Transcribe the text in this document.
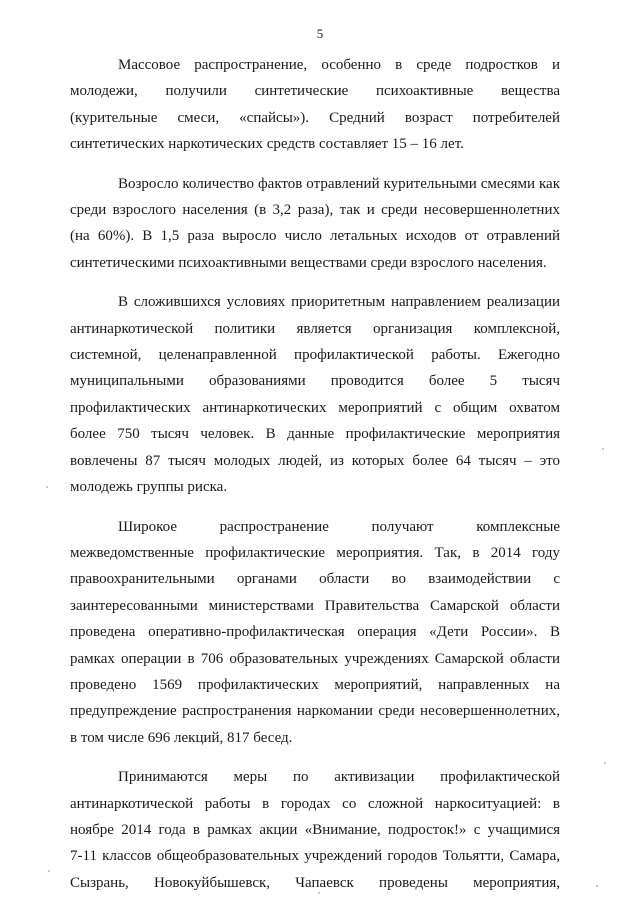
5

Массовое распространение, особенно в среде подростков и
молодежи, получили синтетические психоактивные вещества
(курительные смеси, «спайсы»). Средний возраст потребителей
синтетических наркотических средств составляет 15 – 16 лет.

Возросло количество фактов отравлений курительными смесями как
среди взрослого населения (в 3,2 раза), так и среди несовершеннолетних
(на 60%). В 1,5 раза выросло число летальных исходов от отравлений
синтетическими психоактивными веществами среди взрослого населения.

В сложившихся условиях приоритетным направлением реализации
антинаркотической политики является организация комплексной,
системной, целенаправленной профилактической работы. Ежегодно
муниципальными образованиями проводится более 5 тысяч
профилактических антинаркотических мероприятий с общим охватом
более 750 тысяч человек. В данные профилактические мероприятия
вовлечены 87 тысяч молодых людей, из которых более 64 тысяч – это
молодежь группы риска.

Широкое распространение получают комплексные
межведомственные профилактические мероприятия. Так, в 2014 году
правоохранительными органами области во взаимодействии с
заинтересованными министерствами Правительства Самарской области
проведена оперативно-профилактическая операция «Дети России». В
рамках операции в 706 образовательных учреждениях Самарской области
проведено 1569 профилактических мероприятий, направленных на
предупреждение распространения наркомании среди несовершеннолетних,
в том числе 696 лекций, 817 бесед.

Принимаются меры по активизации профилактической
антинаркотической работы в городах со сложной наркоситуацией: в
ноябре 2014 года в рамках акции «Внимание, подросток!» с учащимися
7-11 классов общеобразовательных учреждений городов Тольятти, Самара,
Сызрань, Новокуйбышевск, Чапаевск проведены мероприятия,
